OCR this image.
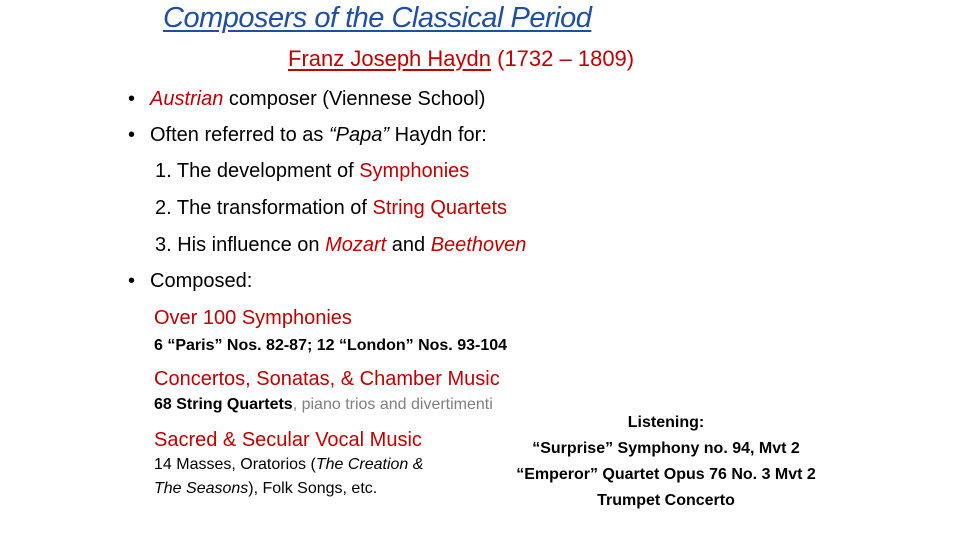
Composers of the Classical Period
Franz Joseph Haydn (1732 – 1809)
• Austrian composer (Viennese School)
• Often referred to as “Papa” Haydn for:
1. The development of Symphonies
2. The transformation of String Quartets
3. His influence on Mozart and Beethoven
• Composed:
Over 100 Symphonies
6 “Paris” Nos. 82-87; 12 “London” Nos. 93-104
Concertos, Sonatas, & Chamber Music
68 String Quartets, piano trios and divertimenti
Sacred & Secular Vocal Music
14 Masses, Oratorios (The Creation &
The Seasons), Folk Songs, etc.
Listening:
“Surprise” Symphony no. 94, Mvt 2
“Emperor” Quartet Opus 76 No. 3 Mvt 2
Trumpet Concerto
